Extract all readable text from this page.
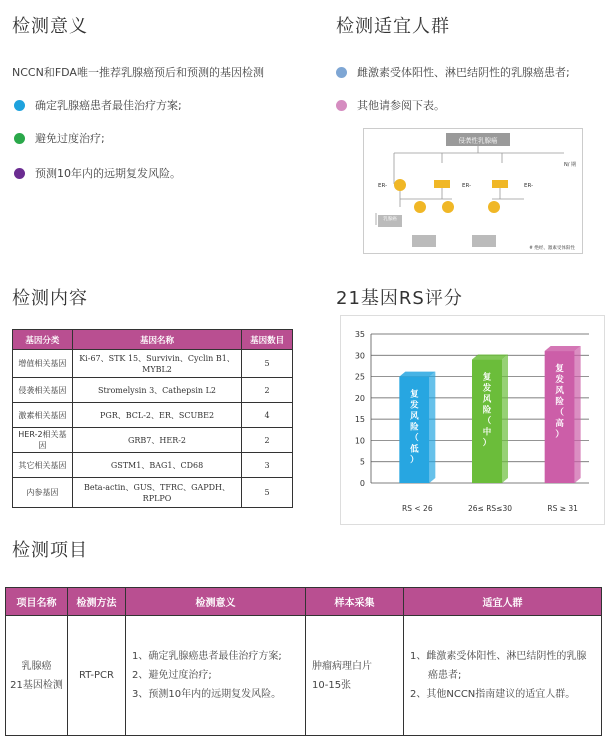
检测意义
NCCN和FDA唯一推荐乳腺癌预后和预测的基因检测
确定乳腺癌患者最佳治疗方案;
避免过度治疗;
预测10年内的远期复发风险。
检测适宜人群
雌激素受体阳性、淋巴结阴性的乳腺癌患者;
其他请参阅下表。
侵袭性乳腺癌
N/ 期
ER-	ER-	ER-
乳腺癌
# 绝经、激素受体阳性
检测内容
基因分类	基因名称	基因数目
增值相关基因	Ki-67、STK 15、Survivin、Cyclin B1、MYBL2	5
侵袭相关基因	Stromelysin 3、Cathepsin L2	2
激素相关基因	PGR、BCL-2、ER、SCUBE2	4
HER-2相关基因	GRB7、HER-2	2
其它相关基因	GSTM1、BAG1、CD68	3
内参基因	Beta-actin、GUS、TFRC、GAPDH、RPLPO	5
21基因RS评分
0
5
10
15
20
25
30
35
复
发
风
险
（
低
）
RS < 26
复
发
风
险
（
中
）
26≤ RS≤30
复
发
风
险
（
高
）
RS ≥ 31
检测项目
项目名称	检测方法	检测意义	样本采集	适宜人群

乳腺癌
21基因检测	RT-PCR	1、确定乳腺癌患者最佳治疗方案;
2、避免过度治疗;
3、预测10年内的远期复发风险。	肿瘤病理白片
10-15张	1、雌激素受体阳性、淋巴结阴性的乳腺
癌患者;
2、其他NCCN指南建议的适宜人群。
